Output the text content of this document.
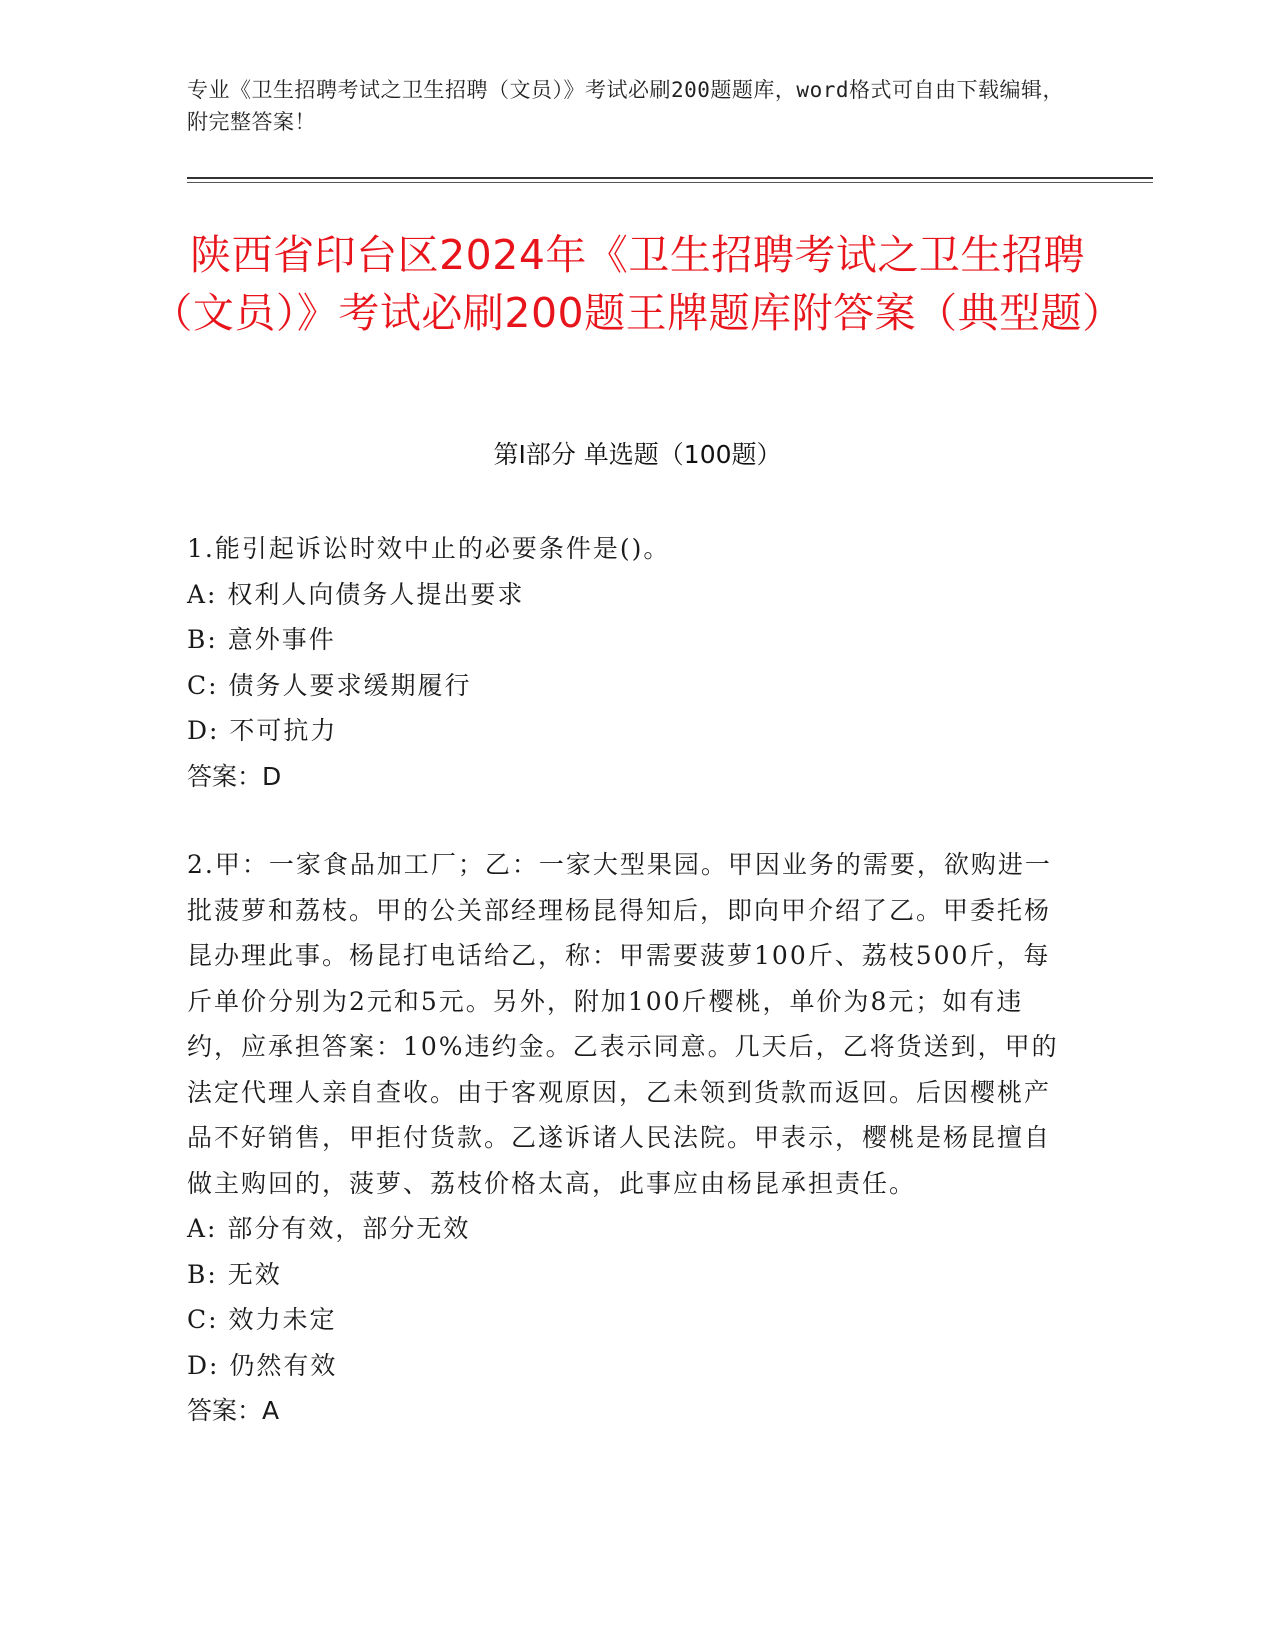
专业《卫生招聘考试之卫生招聘（文员）》考试必刷200题题库，word格式可自由下载编辑，附完整答案！
陕西省印台区2024年《卫生招聘考试之卫生招聘（文员）》考试必刷200题王牌题库附答案（典型题）
第I部分 单选题（100题）
1.能引起诉讼时效中止的必要条件是()。
A: 权利人向债务人提出要求
B: 意外事件
C: 债务人要求缓期履行
D: 不可抗力
答案：D
2.甲：一家食品加工厂；乙：一家大型果园。甲因业务的需要，欲购进一批菠萝和荔枝。甲的公关部经理杨昆得知后，即向甲介绍了乙。甲委托杨昆办理此事。杨昆打电话给乙，称：甲需要菠萝100斤、荔枝500斤，每斤单价分别为2元和5元。另外，附加100斤樱桃，单价为8元；如有违约，应承担答案：10%违约金。乙表示同意。几天后，乙将货送到，甲的法定代理人亲自查收。由于客观原因，乙未领到货款而返回。后因樱桃产品不好销售，甲拒付货款。乙遂诉诸人民法院。甲表示，樱桃是杨昆擅自做主购回的，菠萝、荔枝价格太高，此事应由杨昆承担责任。
A: 部分有效，部分无效
B: 无效
C: 效力未定
D: 仍然有效
答案：A
